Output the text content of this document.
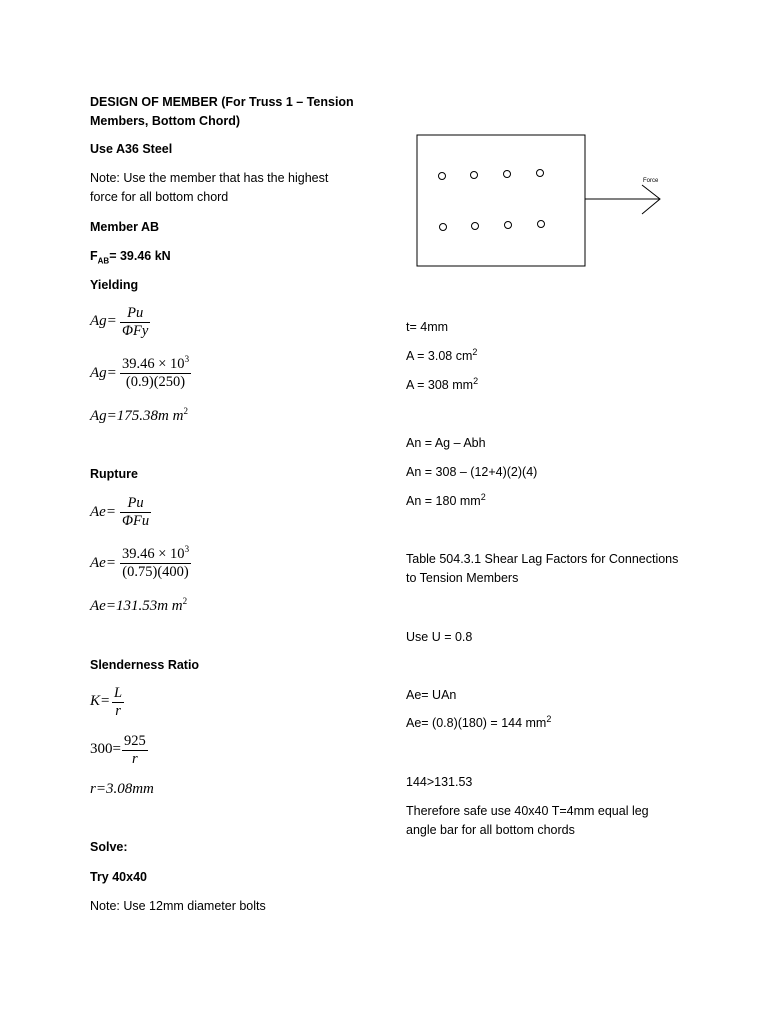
DESIGN OF MEMBER (For Truss 1 – Tension
Members, Bottom Chord)
Use A36 Steel
Note: Use the member that has the highest
force for all bottom chord
Member AB
$F_{AB}= 39.46$ kN
Yielding
Ag= Pu
ΦFy
$Ag= \frac{39.46 \times 10^3}{(0.9)(250)}$
Ag=175.38m $m^2$
Rupture
Ae=
Pu
ΦFu
$Ae= \frac{39.46 \times 10^3}{(0.75)(400)}$
Ae=131.53m $m^2$
Slenderness Ratio
$K= \frac{L}{r}$
$300= \frac{925}{r}$
r=3.08mm
Solve:
Try 40x40
Note: Use 12mm diameter bolts
Force
t= 4mm
A = 3.08 $cm^2$
A = 308 $mm^2$
An = Ag – Abh
An = 308 – (12+4)(2)(4)
An = 180 $mm^2$
Table 504.3.1 Shear Lag Factors for Connections
to Tension Members
Use U = 0.8
Ae= UAn
Ae= (0.8)(180) = 144 $mm^2$
144>131.53
Therefore safe use 40x40 T=4mm equal leg
angle bar for all bottom chords
